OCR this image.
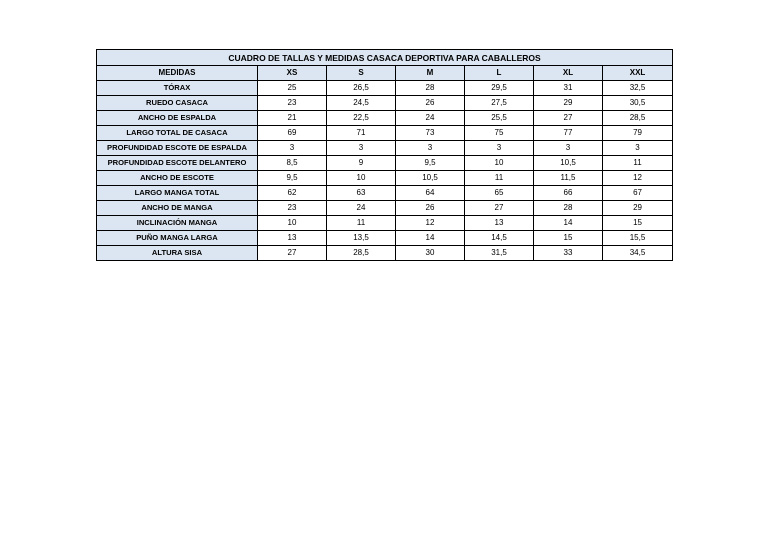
CUADRO DE TALLAS Y MEDIDAS CASACA DEPORTIVA PARA CABALLEROS						
MEDIDAS	XS	S	M	L	XL	XXL
TÓRAX	25	26,5	28	29,5	31	32,5
RUEDO CASACA	23	24,5	26	27,5	29	30,5
ANCHO DE ESPALDA	21	22,5	24	25,5	27	28,5
LARGO TOTAL DE CASACA	69	71	73	75	77	79
PROFUNDIDAD ESCOTE DE ESPALDA	3	3	3	3	3	3
PROFUNDIDAD ESCOTE DELANTERO	8,5	9	9,5	10	10,5	11
ANCHO DE ESCOTE	9,5	10	10,5	11	11,5	12
LARGO MANGA TOTAL	62	63	64	65	66	67
ANCHO DE MANGA	23	24	26	27	28	29
INCLINACIÓN MANGA	10	11	12	13	14	15
PUÑO MANGA LARGA	13	13,5	14	14,5	15	15,5
ALTURA SISA	27	28,5	30	31,5	33	34,5
